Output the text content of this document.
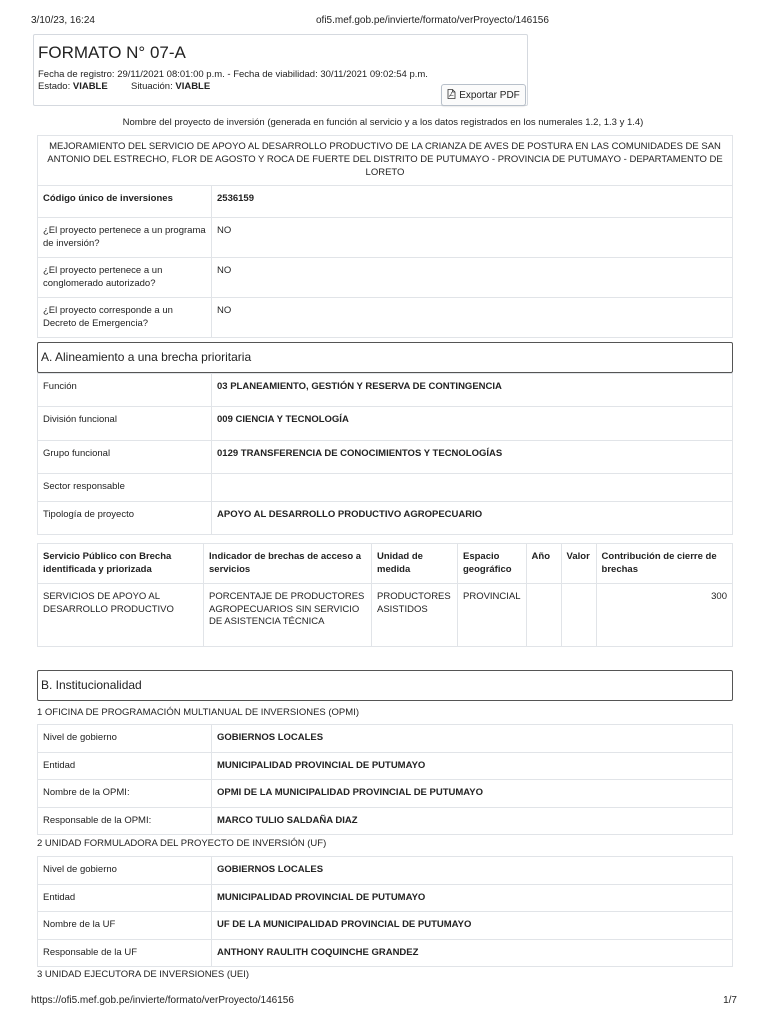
3/10/23, 16:24	ofi5.mef.gob.pe/invierte/formato/verProyecto/146156
FORMATO N° 07-A
Fecha de registro: 29/11/2021 08:01:00 p.m. - Fecha de viabilidad: 30/11/2021 09:02:54 p.m.
Estado: VIABLE Situación: VIABLE
Exportar PDF
Nombre del proyecto de inversión (generada en función al servicio y a los datos registrados en los numerales 1.2, 1.3 y 1.4)
MEJORAMIENTO DEL SERVICIO DE APOYO AL DESARROLLO PRODUCTIVO DE LA CRIANZA DE AVES DE POSTURA EN LAS COMUNIDADES DE SAN ANTONIO DEL ESTRECHO, FLOR DE AGOSTO Y ROCA DE FUERTE DEL DISTRITO DE PUTUMAYO - PROVINCIA DE PUTUMAYO - DEPARTAMENTO DE LORETO
Código único de inversiones	2536159
¿El proyecto pertenece a un programa de inversión?	NO
¿El proyecto pertenece a un conglomerado autorizado?	NO
¿El proyecto corresponde a un Decreto de Emergencia?	NO
A. Alineamiento a una brecha prioritaria
Función	03 PLANEAMIENTO, GESTIÓN Y RESERVA DE CONTINGENCIA
División funcional	009 CIENCIA Y TECNOLOGÍA
Grupo funcional	0129 TRANSFERENCIA DE CONOCIMIENTOS Y TECNOLOGÍAS
Sector responsable	
Tipología de proyecto	APOYO AL DESARROLLO PRODUCTIVO AGROPECUARIO
Servicio Público con Brecha identificada y priorizada	Indicador de brechas de acceso a servicios	Unidad de medida	Espacio geográfico	Año	Valor	Contribución de cierre de brechas
SERVICIOS DE APOYO AL DESARROLLO PRODUCTIVO	PORCENTAJE DE PRODUCTORES AGROPECUARIOS SIN SERVICIO DE ASISTENCIA TÉCNICA	PRODUCTORES ASISTIDOS	PROVINCIAL			300
B. Institucionalidad
1 OFICINA DE PROGRAMACIÓN MULTIANUAL DE INVERSIONES (OPMI)
Nivel de gobierno	GOBIERNOS LOCALES
Entidad	MUNICIPALIDAD PROVINCIAL DE PUTUMAYO
Nombre de la OPMI:	OPMI DE LA MUNICIPALIDAD PROVINCIAL DE PUTUMAYO
Responsable de la OPMI:	MARCO TULIO SALDAÑA DIAZ
2 UNIDAD FORMULADORA DEL PROYECTO DE INVERSIÓN (UF)
Nivel de gobierno	GOBIERNOS LOCALES
Entidad	MUNICIPALIDAD PROVINCIAL DE PUTUMAYO
Nombre de la UF	UF DE LA MUNICIPALIDAD PROVINCIAL DE PUTUMAYO
Responsable de la UF	ANTHONY RAULITH COQUINCHE GRANDEZ
3 UNIDAD EJECUTORA DE INVERSIONES (UEI)
https://ofi5.mef.gob.pe/invierte/formato/verProyecto/146156	1/7
